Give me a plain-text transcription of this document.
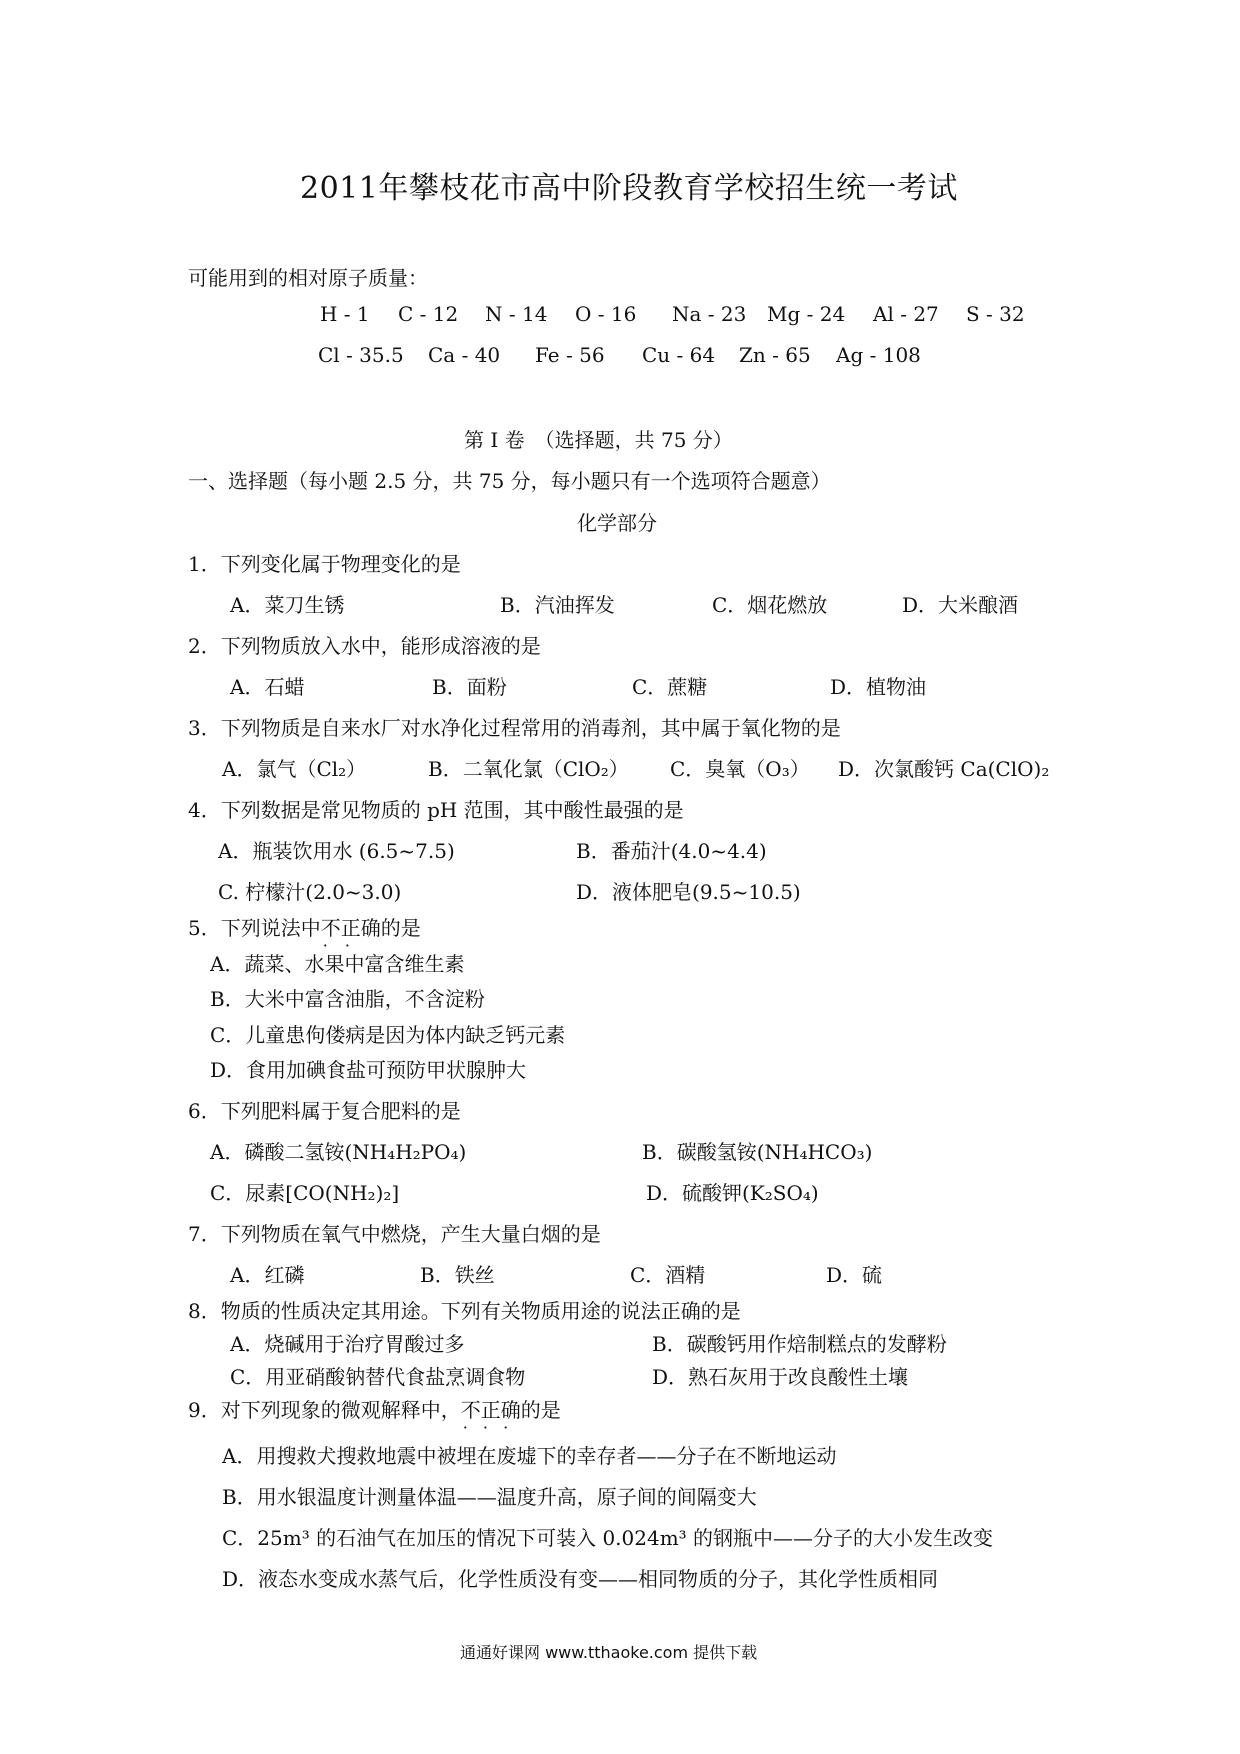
2011年攀枝花市高中阶段教育学校招生统一考试
可能用到的相对原子质量：
H - 1 C - 12 N - 14 O - 16 Na - 23 Mg - 24 Al - 27 S - 32
Cl - 35.5 Ca - 40 Fe - 56 Cu - 64 Zn - 65 Ag - 108
第 I 卷　（选择题，共 75 分）
一、选择题（每小题 2.5 分，共 75 分，每小题只有一个选项符合题意）
化学部分
1．下列变化属于物理变化的是
A．菜刀生锈	B．汽油挥发	C．烟花燃放	D．大米酿酒
2．下列物质放入水中，能形成溶液的是
A．石蜡	B．面粉	C．蔗糖	D．植物油
3．下列物质是自来水厂对水净化过程常用的消毒剂，其中属于氧化物的是
A．氯气（Cl₂）	B．二氧化氯（ClO₂） C．臭氧（O₃） D．次氯酸钙 Ca(ClO)₂
4．下列数据是常见物质的 pH 范围，其中酸性最强的是
A．瓶装饮用水 (6.5~7.5)	B．番茄汁(4.0~4.4)
C. 柠檬汁(2.0~3.0)	D．液体肥皂(9.5~10.5)
5．下列说法中不正 · ·确的是
A．蔬菜、水果中富含维生素
B．大米中富含油脂，不含淀粉
C．儿童患佝偻病是因为体内缺乏钙元素
D．食用加碘食盐可预防甲状腺肿大
6．下列肥料属于复合肥料的是
A．磷酸二氢铵(NH₄H₂PO₄)	B．碳酸氢铵(NH₄HCO₃)
C．尿素[CO(NH₂)₂]	D．硫酸钾(K₂SO₄)
7．下列物质在氧气中燃烧，产生大量白烟的是
A．红磷	B．铁丝	C．酒精	D．硫
8．物质的性质决定其用途。下列有关物质用途的说法正确的是
A．烧碱用于治疗胃酸过多	B．碳酸钙用作焙制糕点的发酵粉
C．用亚硝酸钠替代食盐烹调食物	D．熟石灰用于改良酸性土壤
9．对下列现象的微观解释中，不正确 · · ·的是
A．用搜救犬搜救地震中被埋在废墟下的幸存者——分子在不断地运动
B．用水银温度计测量体温——温度升高，原子间的间隔变大
C．25m³ 的石油气在加压的情况下可装入 0.024m³ 的钢瓶中——分子的大小发生改变
D．液态水变成水蒸气后，化学性质没有变——相同物质的分子，其化学性质相同
通通好课网 www.tthaoke.com 提供下载
